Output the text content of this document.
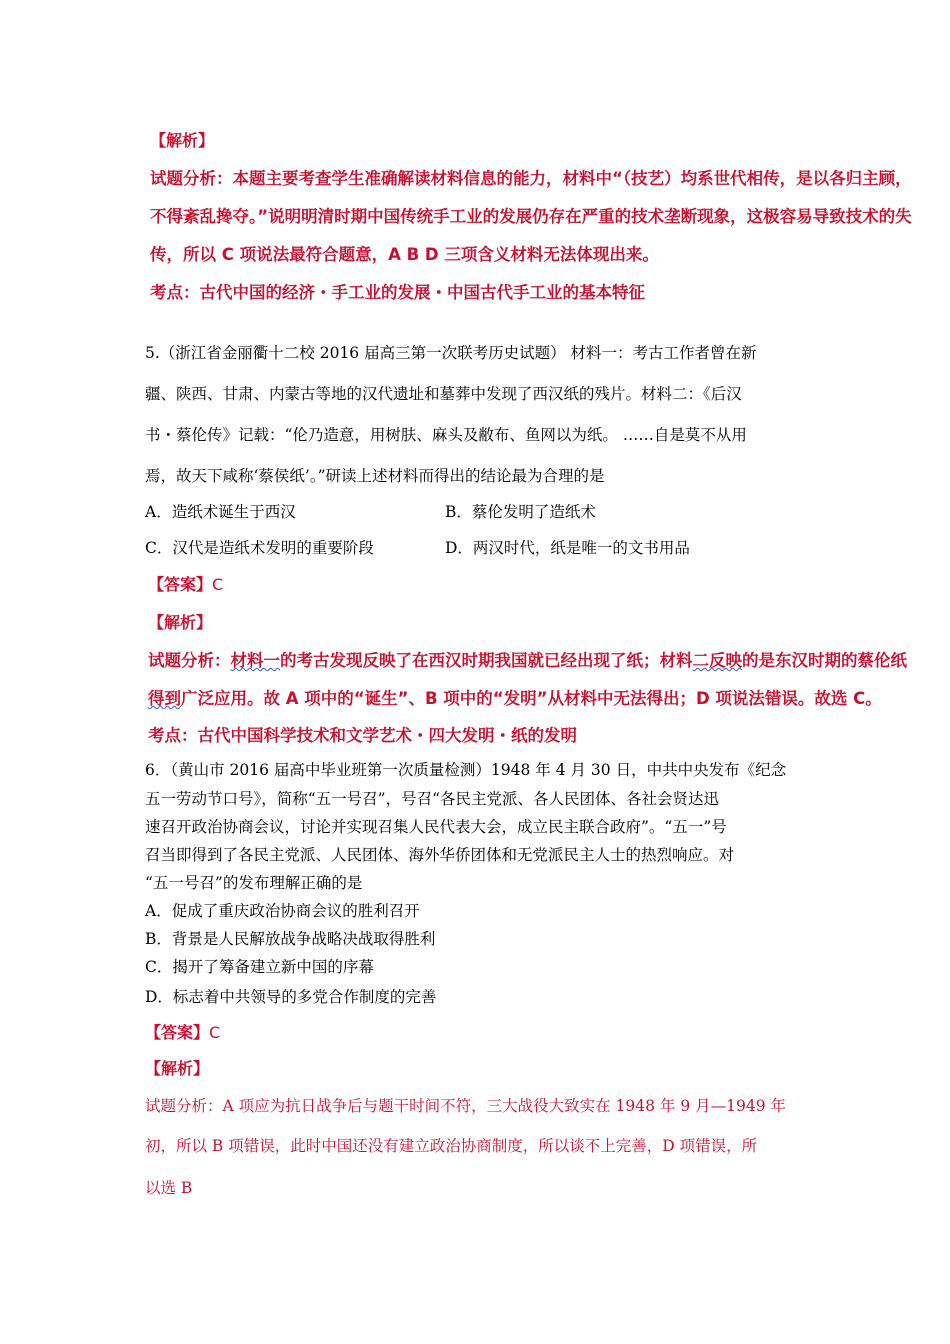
【解析】
试题分析：本题主要考查学生准确解读材料信息的能力，材料中“（技艺）均系世代相传，是以各归主顾，
不得紊乱搀夺。”说明明清时期中国传统手工业的发展仍存在严重的技术垄断现象，这极容易导致技术的失
传，所以 C 项说法最符合题意，A B D 三项含义材料无法体现出来。
考点：古代中国的经济・手工业的发展・中国古代手工业的基本特征
5.（浙江省金丽衢十二校 2016 届高三第一次联考历史试题） 材料一：考古工作者曾在新
疆、陕西、甘肃、内蒙古等地的汉代遗址和墓葬中发现了西汉纸的残片。材料二：《后汉
书・蔡伦传》记载：“伦乃造意，用树肤、麻头及敝布、鱼网以为纸。 ……自是莫不从用
焉，故天下咸称‘蔡侯纸’。”研读上述材料而得出的结论最为合理的是
A．造纸术诞生于西汉	B．蔡伦发明了造纸术
C．汉代是造纸术发明的重要阶段	D．两汉时代，纸是唯一的文书用品
【答案】C
【解析】
试题分析：材料一的考古发现反映了在西汉时期我国就已经出现了纸；材料二反映的是东汉时期的蔡伦纸
得到广泛应用。故 A 项中的“诞生”、B 项中的“发明”从材料中无法得出；D 项说法错误。故选 C。
考点：古代中国科学技术和文学艺术・四大发明・纸的发明
6．（黄山市 2016 届高中毕业班第一次质量检测）1948 年 4 月 30 日，中共中央发布《纪念
五一劳动节口号》，简称“五一号召”，号召“各民主党派、各人民团体、各社会贤达迅
速召开政治协商会议，讨论并实现召集人民代表大会，成立民主联合政府”。“五一”号
召当即得到了各民主党派、人民团体、海外华侨团体和无党派民主人士的热烈响应。对
“五一号召”的发布理解正确的是
A．促成了重庆政治协商会议的胜利召开
B．背景是人民解放战争战略决战取得胜利
C．揭开了筹备建立新中国的序幕
D．标志着中共领导的多党合作制度的完善
【答案】C
【解析】
试题分析：A 项应为抗日战争后与题干时间不符，三大战役大致实在 1948 年 9 月—1949 年
初，所以 B 项错误，此时中国还没有建立政治协商制度，所以谈不上完善，D 项错误，所
以选 B
